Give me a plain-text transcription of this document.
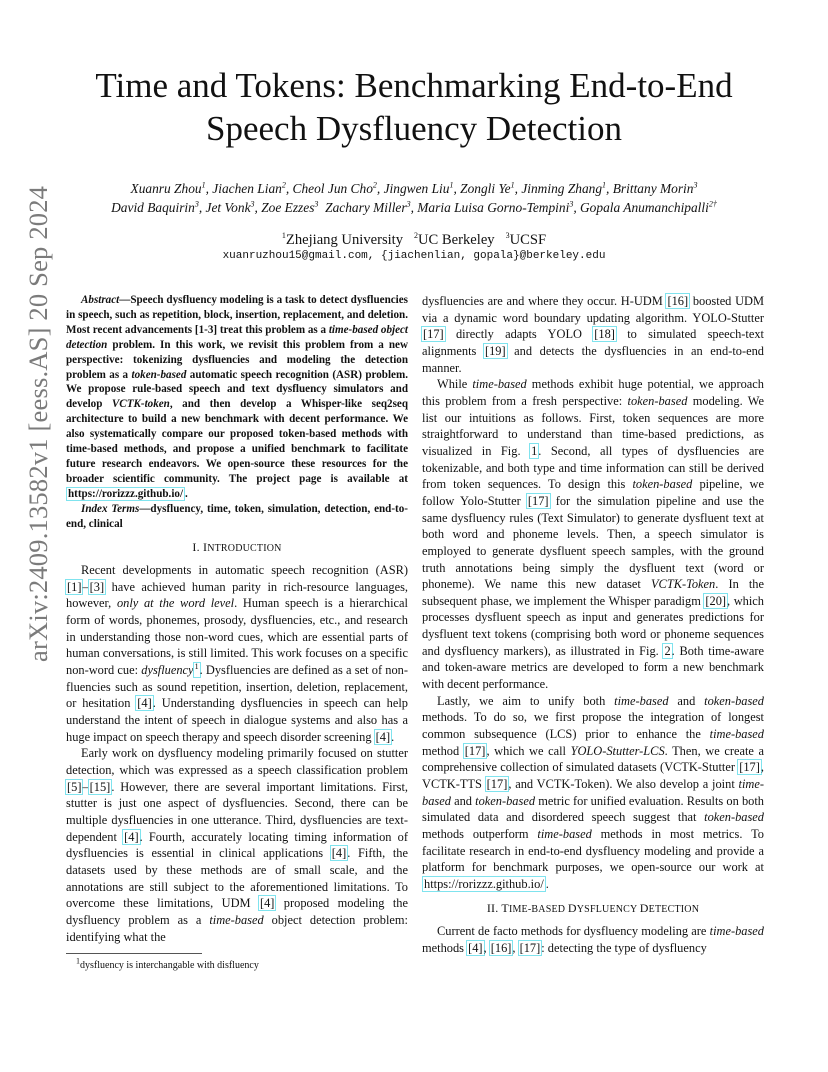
arXiv:2409.13582v1 [eess.AS] 20 Sep 2024
Time and Tokens: Benchmarking End-to-End
Speech Dysfluency Detection
Xuanru Zhou$^1$, Jiachen Lian$^2$, Cheol Jun Cho$^2$, Jingwen Liu$^1$, Zongli Ye$^1$, Jinming Zhang$^1$, Brittany Morin$^3$
David Baquirin$^3$, Jet Vonk$^3$, Zoe Ezzes$^3$ Zachary Miller$^3$, Maria Luisa Gorno-Tempini$^3$, Gopala Anumanchipalli$^{2\dagger}$
$^1$Zhejiang University $^2$UC Berkeley $^3$UCSF
xuanruzhou15@gmail.com, {jiachenlian, gopala}@berkeley.edu

Abstract—Speech dysfluency modeling is a task to detect dysfluencies in speech, such as repetition, block, insertion, replacement, and deletion. Most recent advancements [1-3] treat this problem as a time-based object detection problem. In this work, we revisit this problem from a new perspective: tokenizing dysfluencies and modeling the detection problem as a token-based automatic speech recognition (ASR) problem. We propose rule-based speech and text dysfluency simulators and develop VCTK-token, and then develop a Whisper-like seq2seq architecture to build a new benchmark with decent performance. We also systematically compare our proposed token-based methods with time-based methods, and propose a unified benchmark to facilitate future research endeavors. We open-source these resources for the broader scientific community. The project page is available at https://rorizzz.github.io/ .

Index Terms—dysfluency, time, token, simulation, detection, end-to-end, clinical

I. INTRODUCTION

Recent developments in automatic speech recognition (ASR) [1]–[3] have achieved human parity in rich-resource languages, however, only at the word level. Human speech is a hierarchical form of words, phonemes, prosody, dysfluencies, etc., and research in understanding those non-word cues, which are essential parts of human conversations, is still limited. This work focuses on a specific non-word cue: dysfluency$^1$. Dysfluencies are defined as a set of non-fluencies such as sound repetition, insertion, deletion, replacement, or hesitation [4]. Understanding dysfluencies in speech can help understand the intent of speech in dialogue systems and also has a huge impact on speech therapy and speech disorder screening [4].

Early work on dysfluency modeling primarily focused on stutter detection, which was expressed as a speech classification problem [5]–[15]. However, there are several important limitations. First, stutter is just one aspect of dysfluencies. Second, there can be multiple dysfluencies in one utterance. Third, dysfluencies are text-dependent [4]. Fourth, accurately locating timing information of dysfluencies is essential in clinical applications [4]. Fifth, the datasets used by these methods are of small scale, and the annotations are still subject to the aforementioned limitations. To overcome these limitations, UDM [4] proposed modeling the dysfluency problem as a time-based object detection problem: identifying what the

dysfluencies are and where they occur. H-UDM [16] boosted UDM via a dynamic word boundary updating algorithm. YOLO-Stutter [17] directly adapts YOLO [18] to simulated speech-text alignments [19] and detects the dysfluencies in an end-to-end manner.

While time-based methods exhibit huge potential, we approach this problem from a fresh perspective: token-based modeling. We list our intuitions as follows. First, token sequences are more straightforward to understand than time-based predictions, as visualized in Fig. 1. Second, all types of dysfluencies are tokenizable, and both type and time information can still be derived from token sequences. To design this token-based pipeline, we follow Yolo-Stutter [17] for the simulation pipeline and use the same dysfluency rules (Text Simulator) to generate dysfluent text at both word and phoneme levels. Then, a speech simulator is employed to generate dysfluent speech samples, with the ground truth annotations being simply the dysfluent text (word or phoneme). We name this new dataset VCTK-Token. In the subsequent phase, we implement the Whisper paradigm [20], which processes dysfluent speech as input and generates predictions for dysfluent text tokens (comprising both word or phoneme sequences and dysfluency markers), as illustrated in Fig. 2. Both time-aware and token-aware metrics are developed to form a new benchmark with decent performance.

Lastly, we aim to unify both time-based and token-based methods. To do so, we first propose the integration of longest common subsequence (LCS) prior to enhance the time-based method [17], which we call YOLO-Stutter-LCS. Then, we create a comprehensive collection of simulated datasets (VCTK-Stutter [17], VCTK-TTS [17], and VCTK-Token). We also develop a joint time-based and token-based metric for unified evaluation. Results on both simulated data and disordered speech suggest that token-based methods outperform time-based methods in most metrics. To facilitate research in end-to-end dysfluency modeling and provide a platform for benchmark purposes, we open-source our work at https://rorizzz.github.io/ .

II. TIME-BASED DYSFLUENCY DETECTION

Current de facto methods for dysfluency modeling are time-based methods [4], [16], [17]: detecting the type of dysfluency

$^1$dysfluency is interchangable with disfluency
